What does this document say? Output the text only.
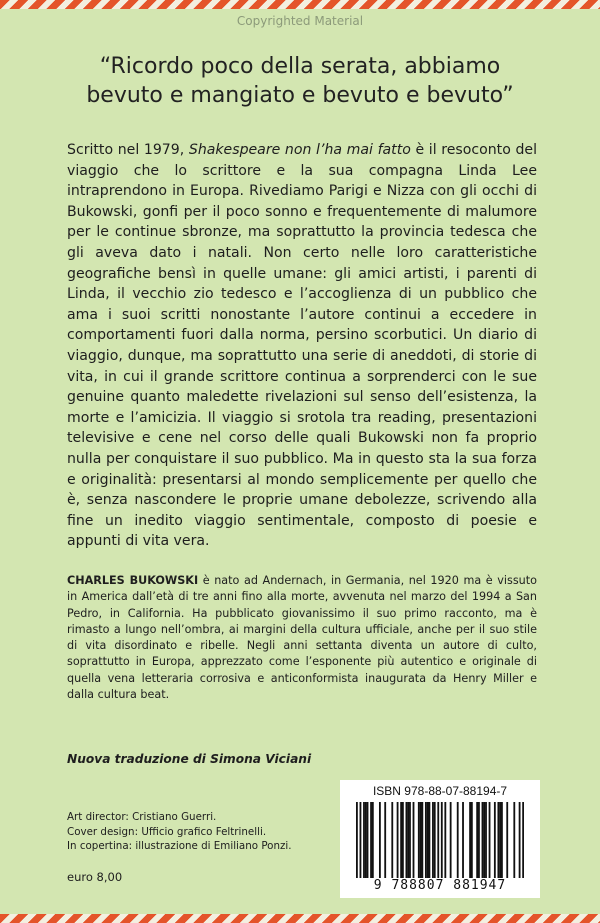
Copyrighted Material
“Ricordo poco della serata, abbiamo bevuto e mangiato e bevuto e bevuto”

Scritto nel 1979, Shakespeare non l’ha mai fatto è il resoconto del viaggio che lo scrittore e la sua compagna Linda Lee intraprendono in Europa. Rivediamo Parigi e Nizza con gli occhi di Bukowski, gonfi per il poco sonno e frequentemente di malumore per le continue sbronze, ma soprattutto la provincia tedesca che gli aveva dato i natali. Non certo nelle loro caratteristiche geografiche bensì in quelle umane: gli amici artisti, i parenti di Linda, il vecchio zio tedesco e l’accoglienza di un pubblico che ama i suoi scritti nonostante l’autore continui a eccedere in comportamenti fuori dalla norma, persino scorbutici. Un diario di viaggio, dunque, ma soprattutto una serie di aneddoti, di storie di vita, in cui il grande scrittore continua a sorprenderci con le sue genuine quanto maledette rivelazioni sul senso dell’esistenza, la morte e l’amicizia. Il viaggio si srotola tra reading, presentazioni televisive e cene nel corso delle quali Bukowski non fa proprio nulla per conquistare il suo pubblico. Ma in questo sta la sua forza e originalità: presentarsi al mondo semplicemente per quello che è, senza nascondere le proprie umane debolezze, scrivendo alla fine un inedito viaggio sentimentale, composto di poesie e appunti di vita vera.

CHARLES BUKOWSKI è nato ad Andernach, in Germania, nel 1920 ma è vissuto in America dall’età di tre anni fino alla morte, avvenuta nel marzo del 1994 a San Pedro, in California. Ha pubblicato giovanissimo il suo primo racconto, ma è rimasto a lungo nell’ombra, ai margini della cultura ufficiale, anche per il suo stile di vita disordinato e ribelle. Negli anni settanta diventa un autore di culto, soprattutto in Europa, apprezzato come l’esponente più autentico e originale di quella vena letteraria corrosiva e anticonformista inaugurata da Henry Miller e dalla cultura beat.

Nuova traduzione di Simona Viciani

Art director: Cristiano Guerri.
Cover design: Ufficio grafico Feltrinelli.
In copertina: illustrazione di Emiliano Ponzi.

euro 8,00

ISBN 978-88-07-88194-7
9 788807 881947
